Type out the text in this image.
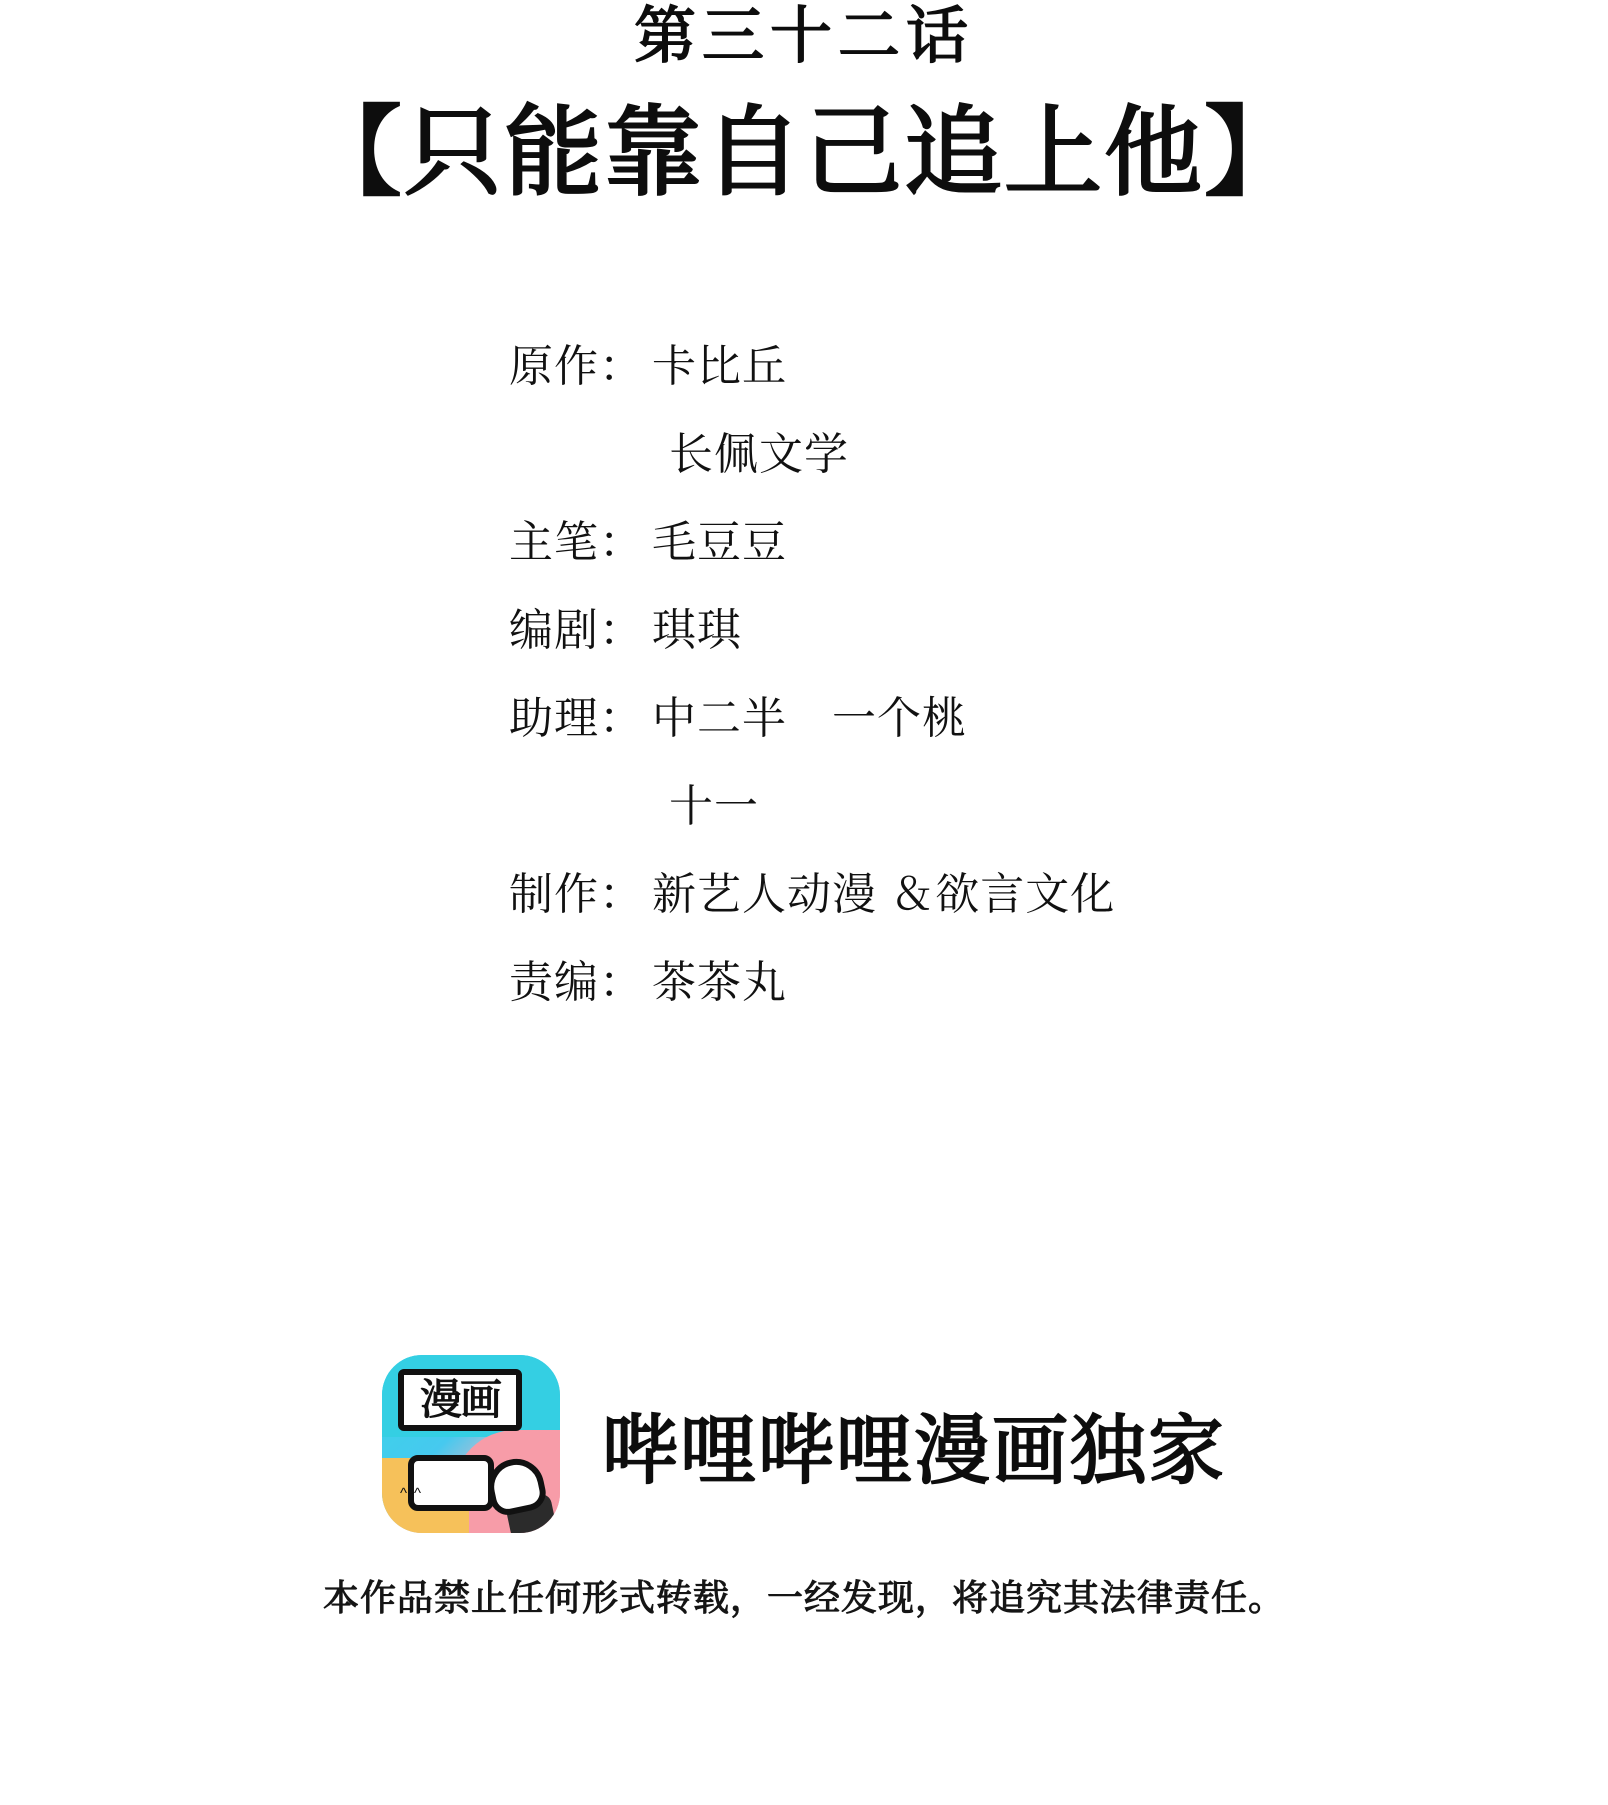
第三十二话
【只能靠自己追上他】
原作： 卡比丘
长佩文学
主笔： 毛豆豆
编剧： 琪琪
助理： 中二半　一个桃
十一
制作： 新艺人动漫 ＆欲言文化
责编： 茶茶丸
漫画
^-^ 哔哩哔哩漫画独家
本作品禁止任何形式转载，一经发现，将追究其法律责任。
